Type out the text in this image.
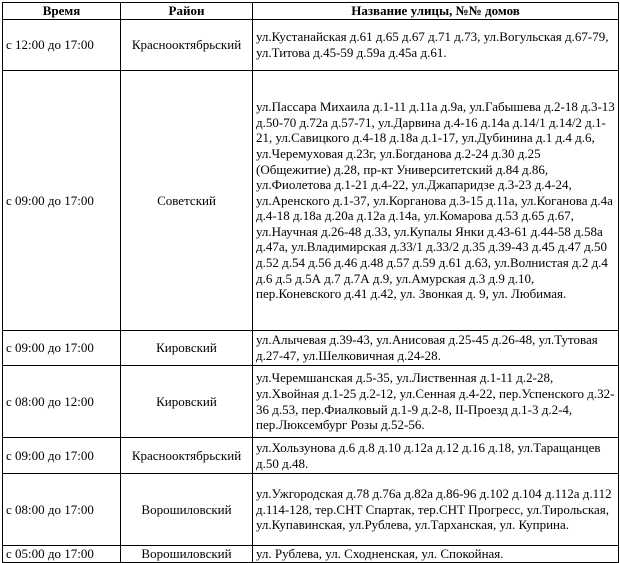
Время	Район	Название улицы, №№ домов
с 12:00 до 17:00	Краснооктябрьский	ул.Кустанайская д.61 д.65 д.67 д.71 д.73, ул.Вогульская д.67-79, ул.Титова д.45-59 д.59а д.45а д.61.
с 09:00 до 17:00	Советский	ул.Пассара Михаила д.1-11 д.11а д.9а, ул.Габышева д.2-18 д.3-13 д.50-70 д.72а д.57-71, ул.Дарвина д.4-16 д.14а д.14/1 д.14/2 д.1-21, ул.Савицкого д.4-18 д.18а д.1-17, ул.Дубинина д.1 д.4 д.6, ул.Черемуховая д.23г, ул.Богданова д.2-24 д.30 д.25 (Общежитие) д.28, пр-кт Университетский д.84 д.86, ул.Фиолетова д.1-21 д.4-22, ул.Джапаридзе д.3-23 д.4-24, ул.Аренского д.1-37, ул.Корганова д.3-15 д.11а, ул.Коганова д.4а д.4-18 д.18а д.20а д.12а д.14а, ул.Комарова д.53 д.65 д.67, ул.Научная д.26-48 д.33, ул.Купалы Янки д.43-61 д.44-58 д.58а д.47а, ул.Владимирская д.33/1 д.33/2 д.35 д.39-43 д.45 д.47 д.50 д.52 д.54 д.56 д.46 д.48 д.57 д.59 д.61 д.63, ул.Волнистая д.2 д.4 д.6 д.5 д.5А д.7 д.7А д.9, ул.Амурская д.3 д.9 д.10, пер.Коневского д.41 д.42, ул. Звонкая д. 9, ул. Любимая.
с 09:00 до 17:00	Кировский	ул.Алычевая д.39-43, ул.Анисовая д.25-45 д.26-48, ул.Тутовая д.27-47, ул.Шелковичная д.24-28.
с 08:00 до 12:00	Кировский	ул.Черемшанская д.5-35, ул.Лиственная д.1-11 д.2-28, ул.Хвойная д.1-25 д.2-12, ул.Сенная д.4-22, пер.Успенского д.32-36 д.53, пер.Фиалковый д.1-9 д.2-8, II-Проезд д.1-3 д.2-4, пер.Люксембург Розы д.52-56.
с 09:00 до 17:00	Краснооктябрьский	ул.Хользунова д.6 д.8 д.10 д.12а д.12 д.16 д.18, ул.Таращанцев д.50 д.48.
с 08:00 до 17:00	Ворошиловский	ул.Ужгородская д.78 д.76а д.82а д.86-96 д.102 д.104 д.112а д.112 д.114-128, тер.СНТ Спартак, тер.СНТ Прогресс, ул.Тирольская, ул.Купавинская, ул.Рублева, ул.Тарханская, ул. Куприна.
с 05:00 до 17:00	Ворошиловский	ул. Рублева, ул. Сходненская, ул. Спокойная.
